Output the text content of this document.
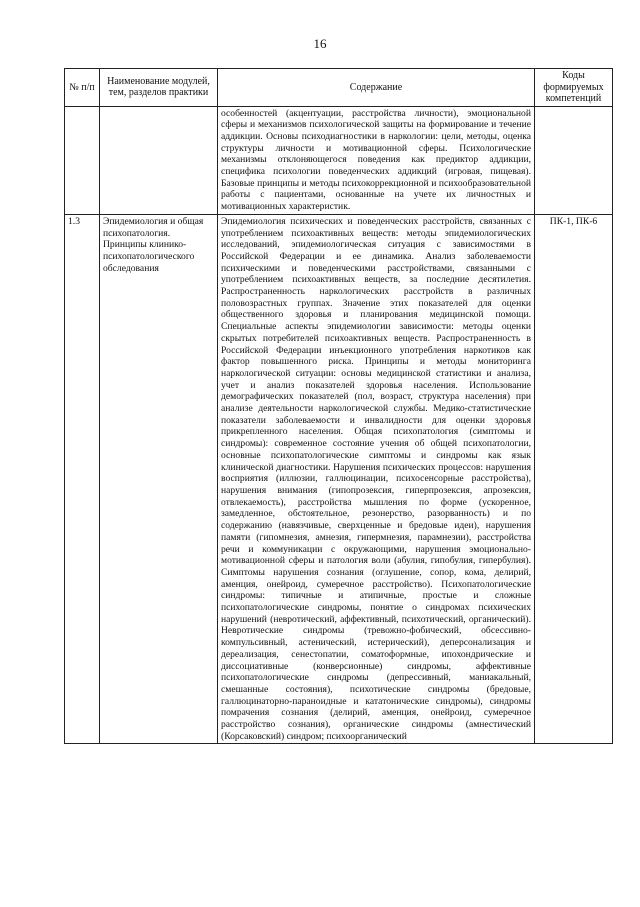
16
№ п/п	Наименование модулей, тем, разделов практики	Содержание	Коды формируемых компетенций
		особенностей (акцентуации, расстройства личности), эмоциональной сферы и механизмов психологической защиты на формирование и течение аддикции. Основы психодиагностики в наркологии: цели, методы, оценка структуры личности и мотивационной сферы. Психологические механизмы отклоняющегося поведения как предиктор аддикции, специфика психологии поведенческих аддикций (игровая, пищевая). Базовые принципы и методы психокоррекционной и психообразовательной работы с пациентами, основанные на учете их личностных и мотивационных характеристик.	
1.3	Эпидемиология и общая психопатология. Принципы клинико-психопатологического обследования	Эпидемиология психических и поведенческих расстройств, связанных с употреблением психоактивных веществ: методы эпидемиологических исследований, эпидемиологическая ситуация с зависимостями в Российской Федерации и ее динамика. Анализ заболеваемости психическими и поведенческими расстройствами, связанными с употреблением психоактивных веществ, за последние десятилетия. Распространенность наркологических расстройств в различных половозрастных группах. Значение этих показателей для оценки общественного здоровья и планирования медицинской помощи. Специальные аспекты эпидемиологии зависимости: методы оценки скрытых потребителей психоактивных веществ. Распространенность в Российской Федерации инъекционного употребления наркотиков как фактор повышенного риска. Принципы и методы мониторинга наркологической ситуации: основы медицинской статистики и анализа, учет и анализ показателей здоровья населения. Использование демографических показателей (пол, возраст, структура населения) при анализе деятельности наркологической службы. Медико-статистические показатели заболеваемости и инвалидности для оценки здоровья прикрепленного населения. Общая психопатология (симптомы и синдромы): современное состояние учения об общей психопатологии, основные психопатологические симптомы и синдромы как язык клинической диагностики. Нарушения психических процессов: нарушения восприятия (иллюзии, галлюцинации, психосенсорные расстройства), нарушения внимания (гипопрозексия, гиперпрозексия, апрозексия, отвлекаемость), расстройства мышления по форме (ускоренное, замедленное, обстоятельное, резонерство, разорванность) и по содержанию (навязчивые, сверхценные и бредовые идеи), нарушения памяти (гипомнезия, амнезия, гипермнезия, парамнезии), расстройства речи и коммуникации с окружающими, нарушения эмоционально-мотивационной сферы и патология воли (абулия, гипобулия, гипербулия). Симптомы нарушения сознания (оглушение, сопор, кома, делирий, аменция, онейроид, сумеречное расстройство). Психопатологические синдромы: типичные и атипичные, простые и сложные психопатологические синдромы, понятие о синдромах психических нарушений (невротический, аффективный, психотический, органический). Невротические синдромы (тревожно-фобический, обсессивно-компульсивный, астенический, истерический), деперсонализация и дереализация, сенестопатии, соматоформные, ипохондрические и диссоциативные (конверсионные) синдромы, аффективные психопатологические синдромы (депрессивный, маниакальный, смешанные состояния), психотические синдромы (бредовые, галлюцинаторно-параноидные и кататонические синдромы), синдромы помрачения сознания (делирий, аменция, онейроид, сумеречное расстройство сознания), органические синдромы (амнестический (Корсаковский) синдром; психоорганический	ПК-1, ПК-6
